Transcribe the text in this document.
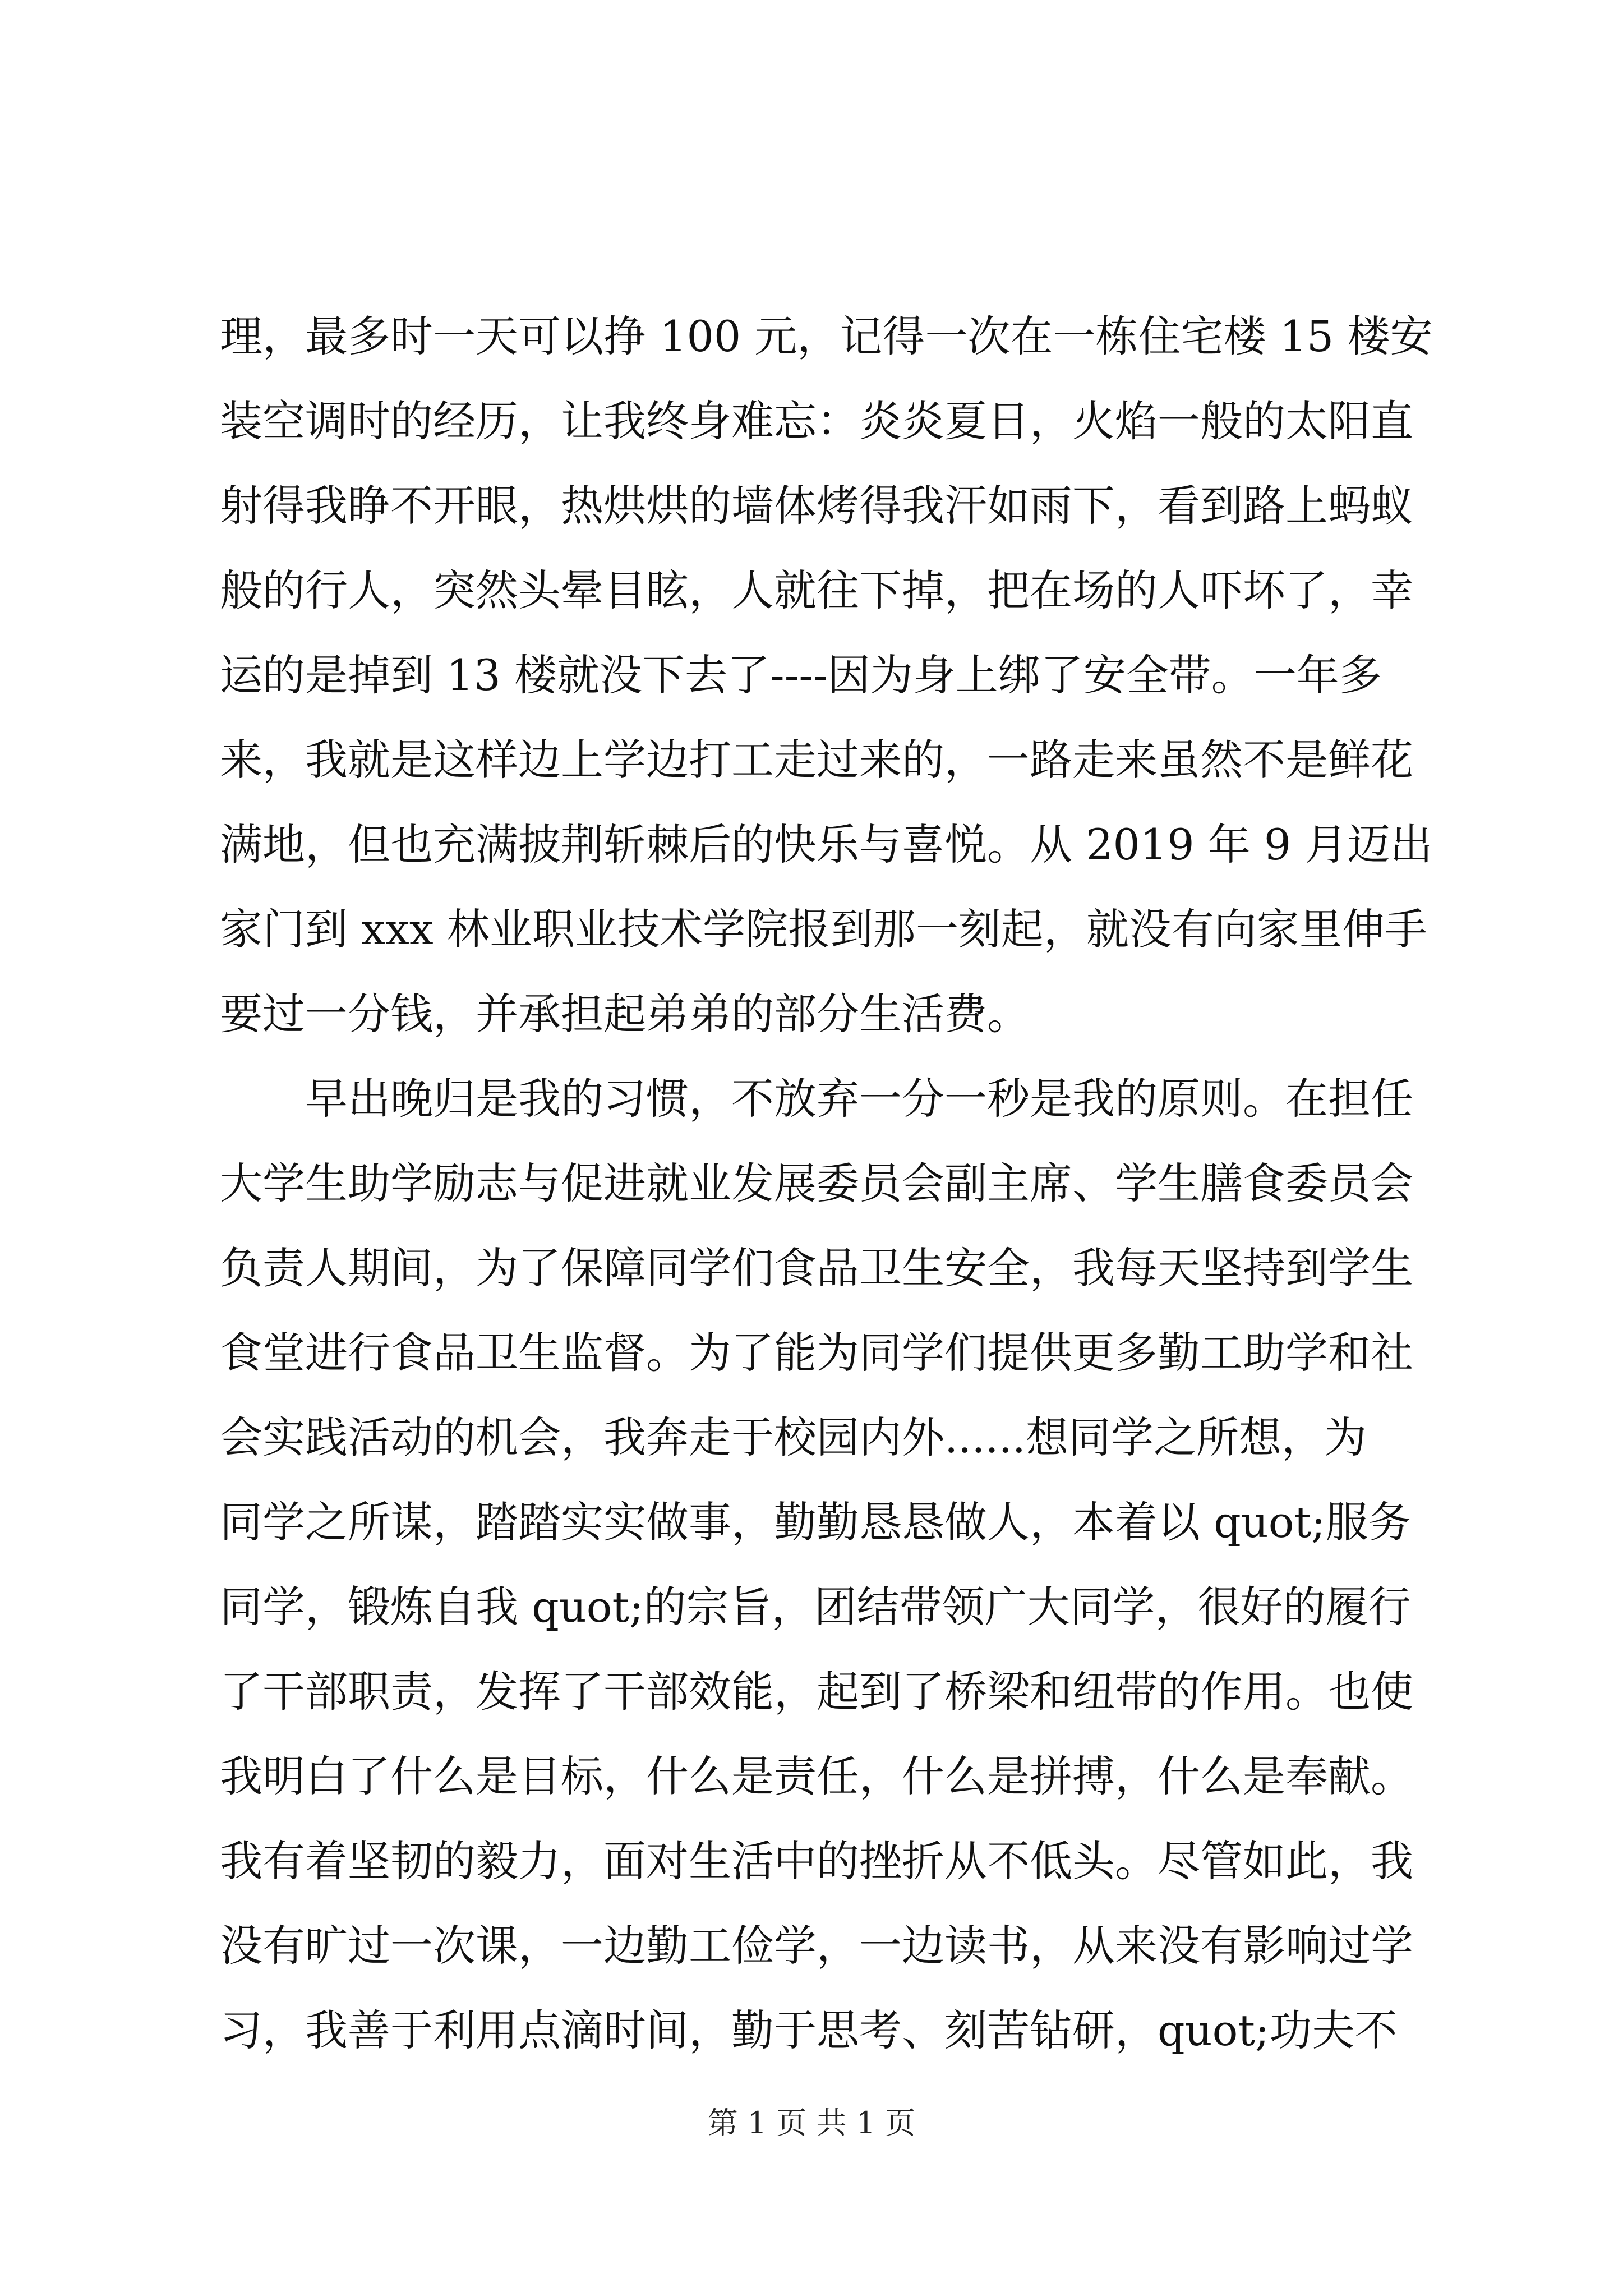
理，最多时一天可以挣 100 元，记得一次在一栋住宅楼 15 楼安
装空调时的经历，让我终身难忘：炎炎夏日，火焰一般的太阳直
射得我睁不开眼，热烘烘的墙体烤得我汗如雨下，看到路上蚂蚁
般的行人，突然头晕目眩，人就往下掉，把在场的人吓坏了，幸
运的是掉到 13 楼就没下去了----因为身上绑了安全带。一年多
来，我就是这样边上学边打工走过来的，一路走来虽然不是鲜花
满地，但也充满披荆斩棘后的快乐与喜悦。从 2019 年 9 月迈出
家门到 xxx 林业职业技术学院报到那一刻起，就没有向家里伸手
要过一分钱，并承担起弟弟的部分生活费。
　　早出晚归是我的习惯，不放弃一分一秒是我的原则。在担任
大学生助学励志与促进就业发展委员会副主席、学生膳食委员会
负责人期间，为了保障同学们食品卫生安全，我每天坚持到学生
食堂进行食品卫生监督。为了能为同学们提供更多勤工助学和社
会实践活动的机会，我奔走于校园内外......想同学之所想，为
同学之所谋，踏踏实实做事，勤勤恳恳做人，本着以 quot;服务
同学，锻炼自我 quot;的宗旨，团结带领广大同学，很好的履行
了干部职责，发挥了干部效能，起到了桥梁和纽带的作用。也使
我明白了什么是目标，什么是责任，什么是拼搏，什么是奉献。
我有着坚韧的毅力，面对生活中的挫折从不低头。尽管如此，我
没有旷过一次课，一边勤工俭学，一边读书，从来没有影响过学
习，我善于利用点滴时间，勤于思考、刻苦钻研，quot;功夫不
第 1 页 共 1 页
